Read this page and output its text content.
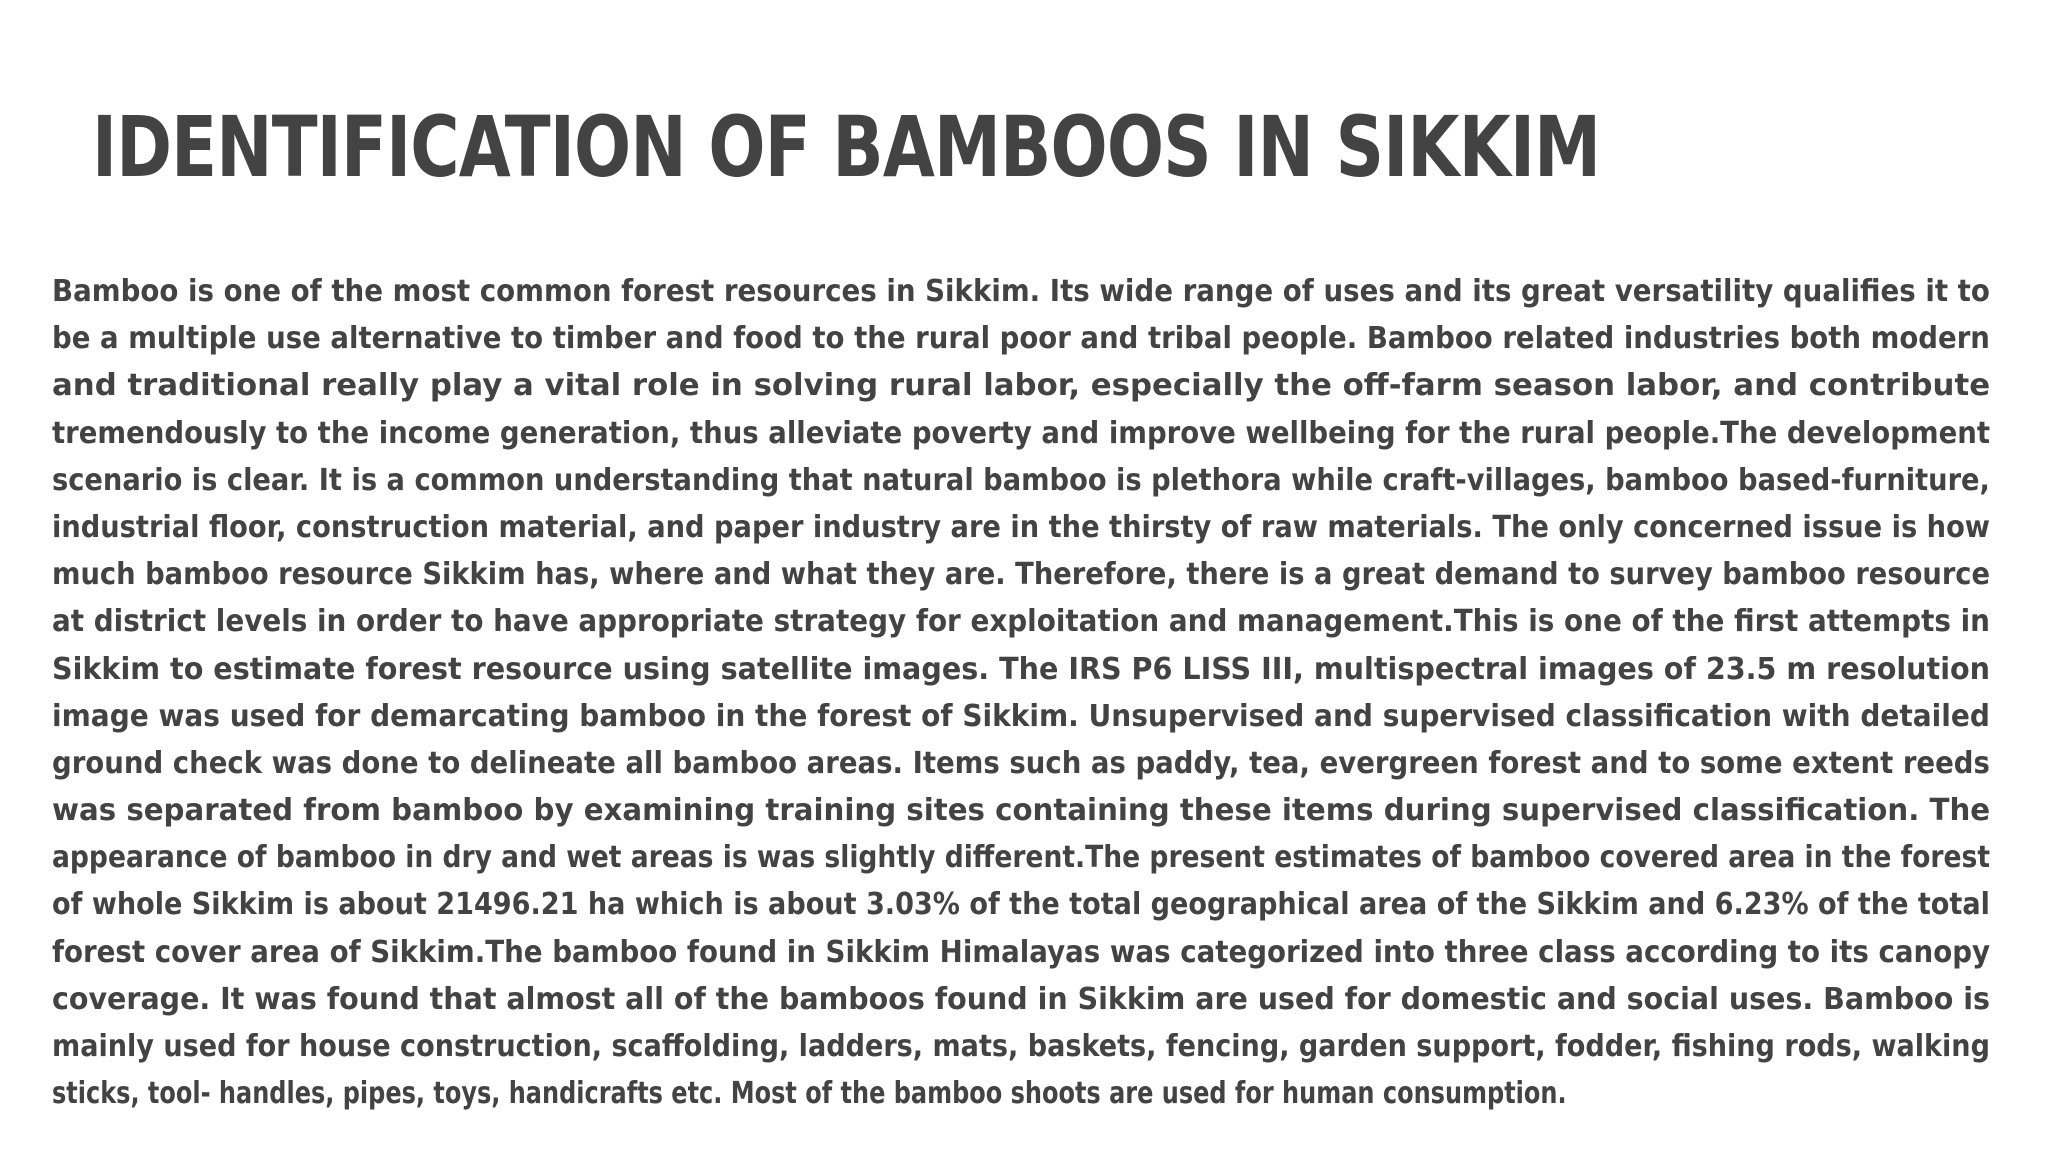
IDENTIFICATION OF BAMBOOS IN SIKKIM
Bamboo is one of the most common forest resources in Sikkim. Its wide range of uses and its great versatility qualifies it to
be a multiple use alternative to timber and food to the rural poor and tribal people. Bamboo related industries both modern
and traditional really play a vital role in solving rural labor, especially the off-farm season labor, and contribute
tremendously to the income generation, thus alleviate poverty and improve wellbeing for the rural people.The development
scenario is clear. It is a common understanding that natural bamboo is plethora while craft-villages, bamboo based-furniture,
industrial floor, construction material, and paper industry are in the thirsty of raw materials. The only concerned issue is how
much bamboo resource Sikkim has, where and what they are. Therefore, there is a great demand to survey bamboo resource
at district levels in order to have appropriate strategy for exploitation and management.This is one of the first attempts in
Sikkim to estimate forest resource using satellite images. The IRS P6 LISS III, multispectral images of 23.5 m resolution
image was used for demarcating bamboo in the forest of Sikkim. Unsupervised and supervised classification with detailed
ground check was done to delineate all bamboo areas. Items such as paddy, tea, evergreen forest and to some extent reeds
was separated from bamboo by examining training sites containing these items during supervised classification. The
appearance of bamboo in dry and wet areas is was slightly different.The present estimates of bamboo covered area in the forest
of whole Sikkim is about 21496.21 ha which is about 3.03% of the total geographical area of the Sikkim and 6.23% of the total
forest cover area of Sikkim.The bamboo found in Sikkim Himalayas was categorized into three class according to its canopy
coverage. It was found that almost all of the bamboos found in Sikkim are used for domestic and social uses. Bamboo is
mainly used for house construction, scaffolding, ladders, mats, baskets, fencing, garden support, fodder, fishing rods, walking
sticks, tool- handles, pipes, toys, handicrafts etc. Most of the bamboo shoots are used for human consumption.
